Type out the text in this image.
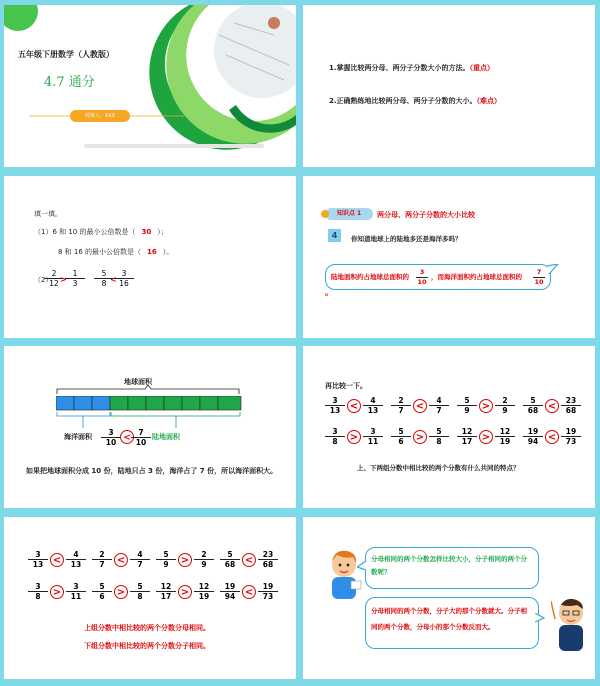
五年级下册数学（人教版）
4.7 通分
授课人：XXX
1.掌握比较两分母、两分子分数大小的方法。（重点）
2.正确熟练地比较两分母、两分子分数的大小。（难点）
填一填。
（1）6 和 10 的最小公倍数是（ 30 ）；
8 和 16 的最小公倍数是（ 16 ）。
（2）
2
12 >
1
3
5
8 <
3
16
知识点 1	两分母、两分子分数的大小比较
4	你知道地球上的陆地多还是海洋多吗？
陆地面积约占地球总面积的
3
10
，而海洋面积约占地球总面积的
7
10
。
地球面积
海洋面积	3
10 <
7
10
陆地面积
如果把地球面积分成 10 份，陆地只占 3 份，海洋占了 7 份，所以海洋面积大。
再比较一下。
上、下两组分数中相比较的两个分数有什么共同的特点？
$\frac{3}{13} < \frac{4}{13} \frac{2}{7} < \frac{4}{7} \frac{5}{9} > \frac{2}{9} \frac{5}{68} < \frac{23}{68}$
$\frac{3}{8} > \frac{3}{11} \frac{5}{6} > \frac{5}{8} \frac{12}{17} > \frac{12}{19} \frac{19}{94} < \frac{19}{73}$
上组分数中相比较的两个分数分母相同。
下组分数中相比较的两个分数分子相同。
$\frac{3}{13} < \frac{4}{13} \frac{2}{7} < \frac{4}{7} \frac{5}{9} > \frac{2}{9} \frac{5}{68} < \frac{23}{68}$
$\frac{3}{8} > \frac{3}{11} \frac{5}{6} > \frac{5}{8} \frac{12}{17} > \frac{12}{19} \frac{19}{94} < \frac{19}{73}$
分母相同的两个分数怎样比较大小，分子相同的两个分数呢？
分母相同的两个分数，分子大的那个分数就大。分子相同的两个分数，分母小的那个分数反而大。
